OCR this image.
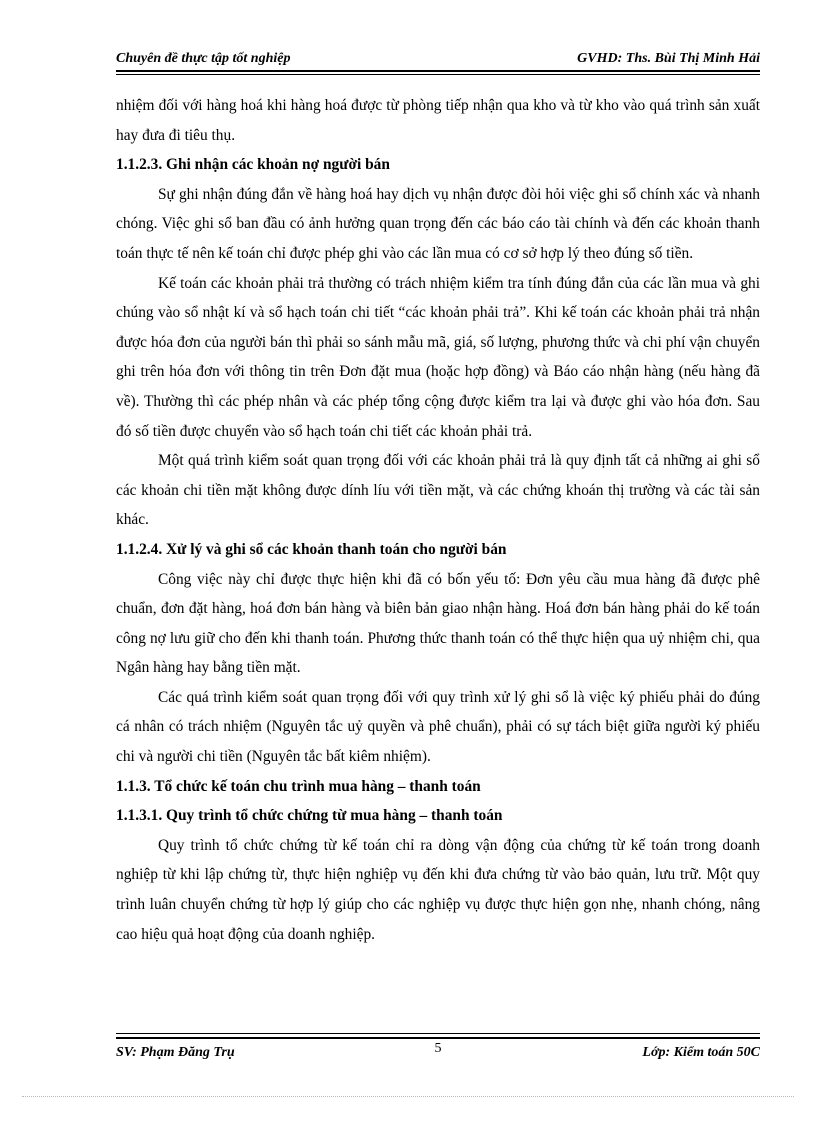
Chuyên đề thực tập tốt nghiệp	GVHD: Ths. Bùi Thị Minh Hải

nhiệm đối với hàng hoá khi hàng hoá được từ phòng tiếp nhận qua kho và từ kho vào quá trình sản xuất hay đưa đi tiêu thụ.

1.1.2.3. Ghi nhận các khoản nợ người bán

Sự ghi nhận đúng đắn về hàng hoá hay dịch vụ nhận được đòi hỏi việc ghi sổ chính xác và nhanh chóng. Việc ghi sổ ban đầu có ảnh hưởng quan trọng đến các báo cáo tài chính và đến các khoản thanh toán thực tế nên kế toán chỉ được phép ghi vào các lần mua có cơ sở hợp lý theo đúng số tiền.

Kế toán các khoản phải trả thường có trách nhiệm kiểm tra tính đúng đắn của các lần mua và ghi chúng vào sổ nhật kí và sổ hạch toán chi tiết “các khoản phải trả”. Khi kế toán các khoản phải trả nhận được hóa đơn của người bán thì phải so sánh mẫu mã, giá, số lượng, phương thức và chi phí vận chuyển ghi trên hóa đơn với thông tin trên Đơn đặt mua (hoặc hợp đồng) và Báo cáo nhận hàng (nếu hàng đã về). Thường thì các phép nhân và các phép tổng cộng được kiểm tra lại và được ghi vào hóa đơn. Sau đó số tiền được chuyển vào sổ hạch toán chi tiết các khoản phải trả.

Một quá trình kiểm soát quan trọng đối với các khoản phải trả là quy định tất cả những ai ghi sổ các khoản chi tiền mặt không được dính líu với tiền mặt, và các chứng khoán thị trường và các tài sản khác.

1.1.2.4. Xử lý và ghi sổ các khoản thanh toán cho người bán

Công việc này chỉ được thực hiện khi đã có bốn yếu tố: Đơn yêu cầu mua hàng đã được phê chuẩn, đơn đặt hàng, hoá đơn bán hàng và biên bản giao nhận hàng. Hoá đơn bán hàng phải do kế toán công nợ lưu giữ cho đến khi thanh toán. Phương thức thanh toán có thể thực hiện qua uỷ nhiệm chi, qua Ngân hàng hay bằng tiền mặt.

Các quá trình kiểm soát quan trọng đối với quy trình xử lý ghi sổ là việc ký phiếu phải do đúng cá nhân có trách nhiệm (Nguyên tắc uỷ quyền và phê chuẩn), phải có sự tách biệt giữa người ký phiếu chi và người chi tiền (Nguyên tắc bất kiêm nhiệm).

1.1.3. Tổ chức kế toán chu trình mua hàng – thanh toán
1.1.3.1. Quy trình tổ chức chứng từ mua hàng – thanh toán

Quy trình tổ chức chứng từ kế toán chỉ ra dòng vận động của chứng từ kế toán trong doanh nghiệp từ khi lập chứng từ, thực hiện nghiệp vụ đến khi đưa chứng từ vào bảo quản, lưu trữ. Một quy trình luân chuyển chứng từ hợp lý giúp cho các nghiệp vụ được thực hiện gọn nhẹ, nhanh chóng, nâng cao hiệu quả hoạt động của doanh nghiệp.

SV: Phạm Đăng Trụ	5	Lớp: Kiểm toán 50C
